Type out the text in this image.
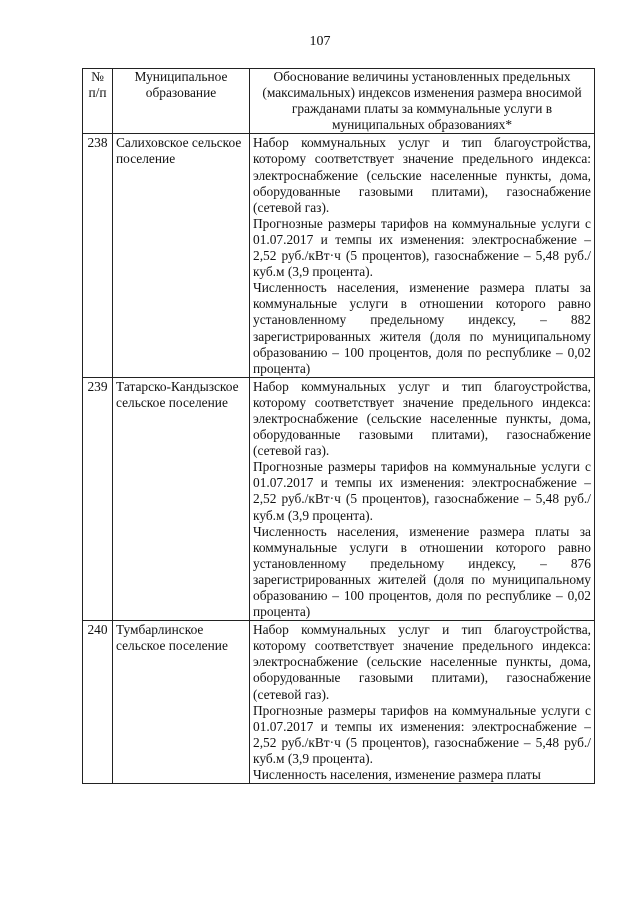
107
№ п/п	Муниципальное образование	Обоснование величины установленных предельных (максимальных) индексов изменения размера вносимой гражданами платы за коммунальные услуги в муниципальных образованиях*
238	Салиховское сельское поселение	Набор коммунальных услуг и тип благоустройства, которому соответствует значение предельного индекса: электроснабжение (сельские населенные пункты, дома, оборудованные газовыми плитами), газоснабжение (сетевой газ).

Прогнозные размеры тарифов на коммунальные услуги с 01.07.2017 и темпы их изменения: электроснабжение – 2,52 руб./кВт·ч (5 процентов), газоснабжение – 5,48 руб./куб.м (3,9 процента).

Численность населения, изменение размера платы за коммунальные услуги в отношении которого равно установленному предельному индексу, – 882 зарегистрированных жителя (доля по муниципальному образованию – 100 процентов, доля по республике – 0,02 процента)

239	Татарско-Кандызское сельское поселение	Набор коммунальных услуг и тип благоустройства, которому соответствует значение предельного индекса: электроснабжение (сельские населенные пункты, дома, оборудованные газовыми плитами), газоснабжение (сетевой газ).

Прогнозные размеры тарифов на коммунальные услуги с 01.07.2017 и темпы их изменения: электроснабжение – 2,52 руб./кВт·ч (5 процентов), газоснабжение – 5,48 руб./куб.м (3,9 процента).

Численность населения, изменение размера платы за коммунальные услуги в отношении которого равно установленному предельному индексу, – 876 зарегистрированных жителей (доля по муниципальному образованию – 100 процентов, доля по республике – 0,02 процента)

240	Тумбарлинское сельское поселение	Набор коммунальных услуг и тип благоустройства, которому соответствует значение предельного индекса: электроснабжение (сельские населенные пункты, дома, оборудованные газовыми плитами), газоснабжение (сетевой газ).

Прогнозные размеры тарифов на коммунальные услуги с 01.07.2017 и темпы их изменения: электроснабжение – 2,52 руб./кВт·ч (5 процентов), газоснабжение – 5,48 руб./куб.м (3,9 процента).

Численность населения, изменение размера платы
